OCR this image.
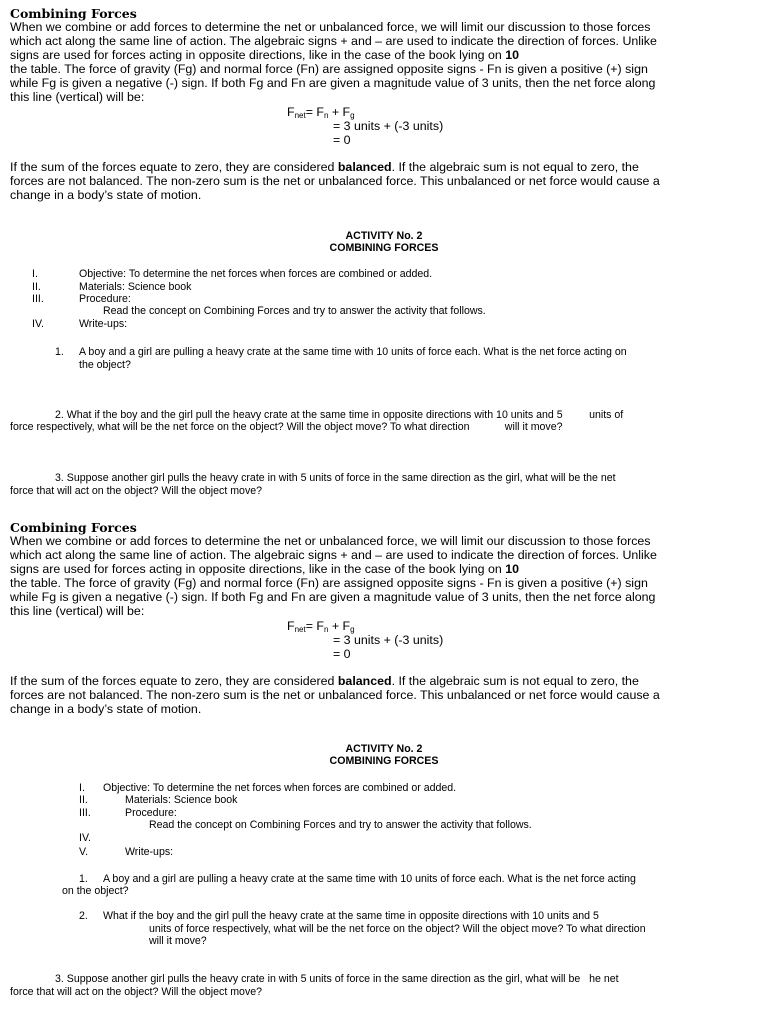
Combining Forces
When we combine or add forces to determine the net or unbalanced force, we will limit our discussion to those forces
which act along the same line of action. The algebraic signs + and – are used to indicate the direction of forces. Unlike
signs are used for forces acting in opposite directions, like in the case of the book lying on 10
the table. The force of gravity (Fg) and normal force (Fn) are assigned opposite signs - Fn is given a positive (+) sign
while Fg is given a negative (-) sign. If both Fg and Fn are given a magnitude value of 3 units, then the net force along
this line (vertical) will be:
$F_{net}= F_n + F_g$
= 3 units + (-3 units)
= 0
If the sum of the forces equate to zero, they are considered balanced. If the algebraic sum is not equal to zero, the
forces are not balanced. The non-zero sum is the net or unbalanced force. This unbalanced or net force would cause a
change in a body’s state of motion.
ACTIVITY No. 2
COMBINING FORCES
I.	Objective: To determine the net forces when forces are combined or added.
II.	Materials: Science book
III.	Procedure:
Read the concept on Combining Forces and try to answer the activity that follows.
IV.	Write-ups:
1. A boy and a girl are pulling a heavy crate at the same time with 10 units of force each. What is the net force acting on
the object?
2. What if the boy and the girl pull the heavy crate at the same time in opposite directions with 10 units and 5         units of
force respectively, what will be the net force on the object? Will the object move? To what direction            will it move?
3. Suppose another girl pulls the heavy crate in with 5 units of force in the same direction as the girl, what will be the net
force that will act on the object? Will the object move?
Combining Forces
When we combine or add forces to determine the net or unbalanced force, we will limit our discussion to those forces
which act along the same line of action. The algebraic signs + and – are used to indicate the direction of forces. Unlike
signs are used for forces acting in opposite directions, like in the case of the book lying on 10
the table. The force of gravity (Fg) and normal force (Fn) are assigned opposite signs - Fn is given a positive (+) sign
while Fg is given a negative (-) sign. If both Fg and Fn are given a magnitude value of 3 units, then the net force along
this line (vertical) will be:
$F_{net}= F_n + F_g$
= 3 units + (-3 units)
= 0
If the sum of the forces equate to zero, they are considered balanced. If the algebraic sum is not equal to zero, the
forces are not balanced. The non-zero sum is the net or unbalanced force. This unbalanced or net force would cause a
change in a body’s state of motion.
ACTIVITY No. 2
COMBINING FORCES
I. Objective: To determine the net forces when forces are combined or added.
II.	Materials: Science book
III.	Procedure:
Read the concept on Combining Forces and try to answer the activity that follows.
IV.
V.	Write-ups:
1. A boy and a girl are pulling a heavy crate at the same time with 10 units of force each. What is the net force acting
on the object?
2. What if the boy and the girl pull the heavy crate at the same time in opposite directions with 10 units and 5
units of force respectively, what will be the net force on the object? Will the object move? To what direction
will it move?
3. Suppose another girl pulls the heavy crate in with 5 units of force in the same direction as the girl, what will be   he net
force that will act on the object? Will the object move?
